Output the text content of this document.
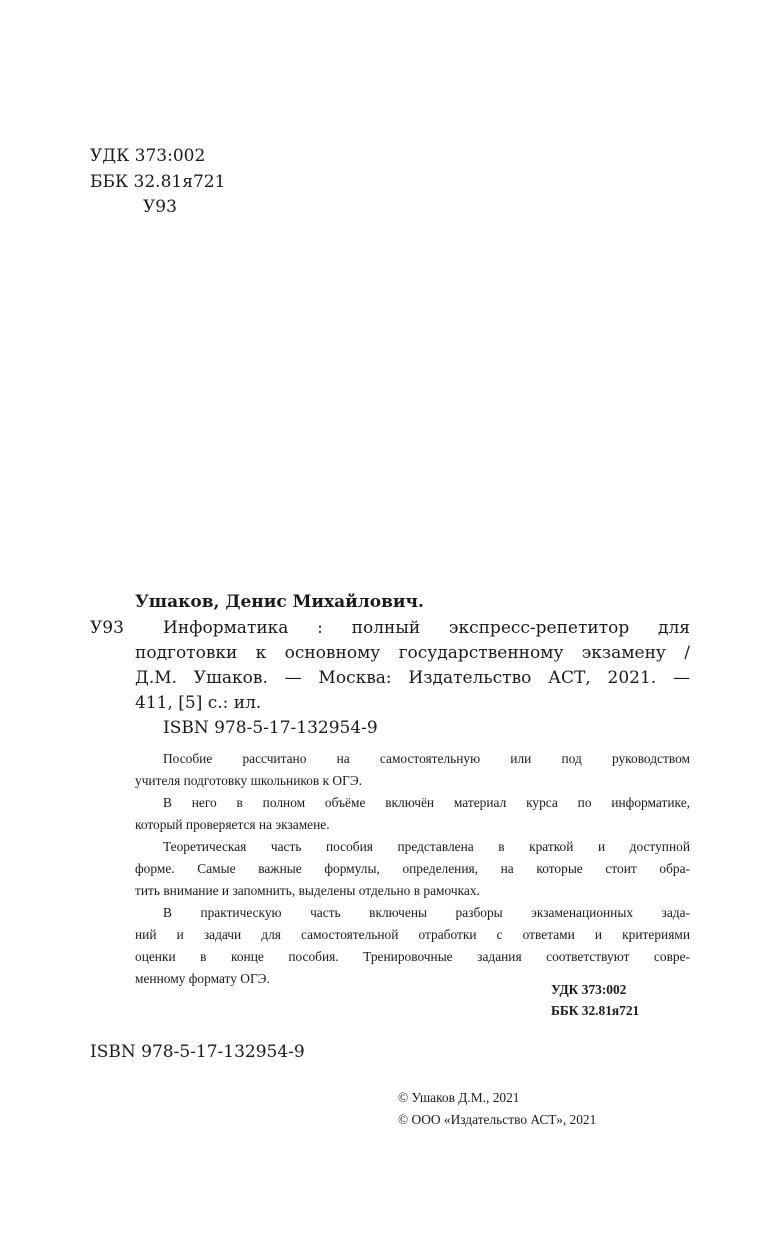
УДК 373:002
ББК 32.81я721
У93
Ушаков, Денис Михайлович.
У93 Информатика : полный экспресс-репетитор для
подготовки к основному государственному экзамену /
Д.М. Ушаков. — Москва: Издательство АСТ, 2021. —
411, [5] с.: ил.
ISBN 978-5-17-132954-9
Пособие рассчитано на самостоятельную или под руководством
учителя подготовку школьников к ОГЭ.
В него в полном объёме включён материал курса по информатике,
который проверяется на экзамене.
Теоретическая часть пособия представлена в краткой и доступной
форме. Самые важные формулы, определения, на которые стоит обра-
тить внимание и запомнить, выделены отдельно в рамочках.
В практическую часть включены разборы экзаменационных зада-
ний и задачи для самостоятельной отработки с ответами и критериями
оценки в конце пособия. Тренировочные задания соответствуют совре-
менному формату ОГЭ.
УДК 373:002
ББК 32.81я721
ISBN 978-5-17-132954-9
© Ушаков Д.М., 2021
© ООО «Издательство АСТ», 2021
